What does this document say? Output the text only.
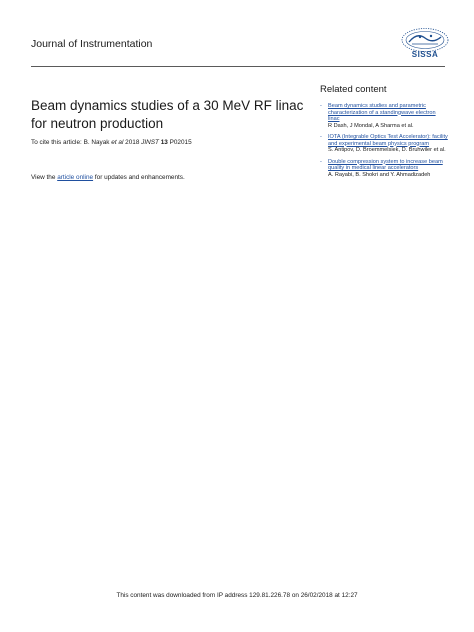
Journal of Instrumentation
SISSA
Beam dynamics studies of a 30 MeV RF linac for neutron production
To cite this article: B. Nayak et al 2018 JINST 13 P02015
View the article online for updates and enhancements.
Related content
- Beam dynamics studies and parametric characterization of a standingwave electron linac
R Dash, J Mondal, A Sharma et al.
- IOTA (Integrable Optics Test Accelerator): facility and experimental beam physics program
S. Antipov, D. Broemmelsiek, D. Bruhwiler et al.
- Double compression system to increase beam quality in medical linear accelerators
A. Rayabi, B. Shokri and Y. Ahmadizadeh
This content was downloaded from IP address 129.81.226.78 on 26/02/2018 at 12:27
